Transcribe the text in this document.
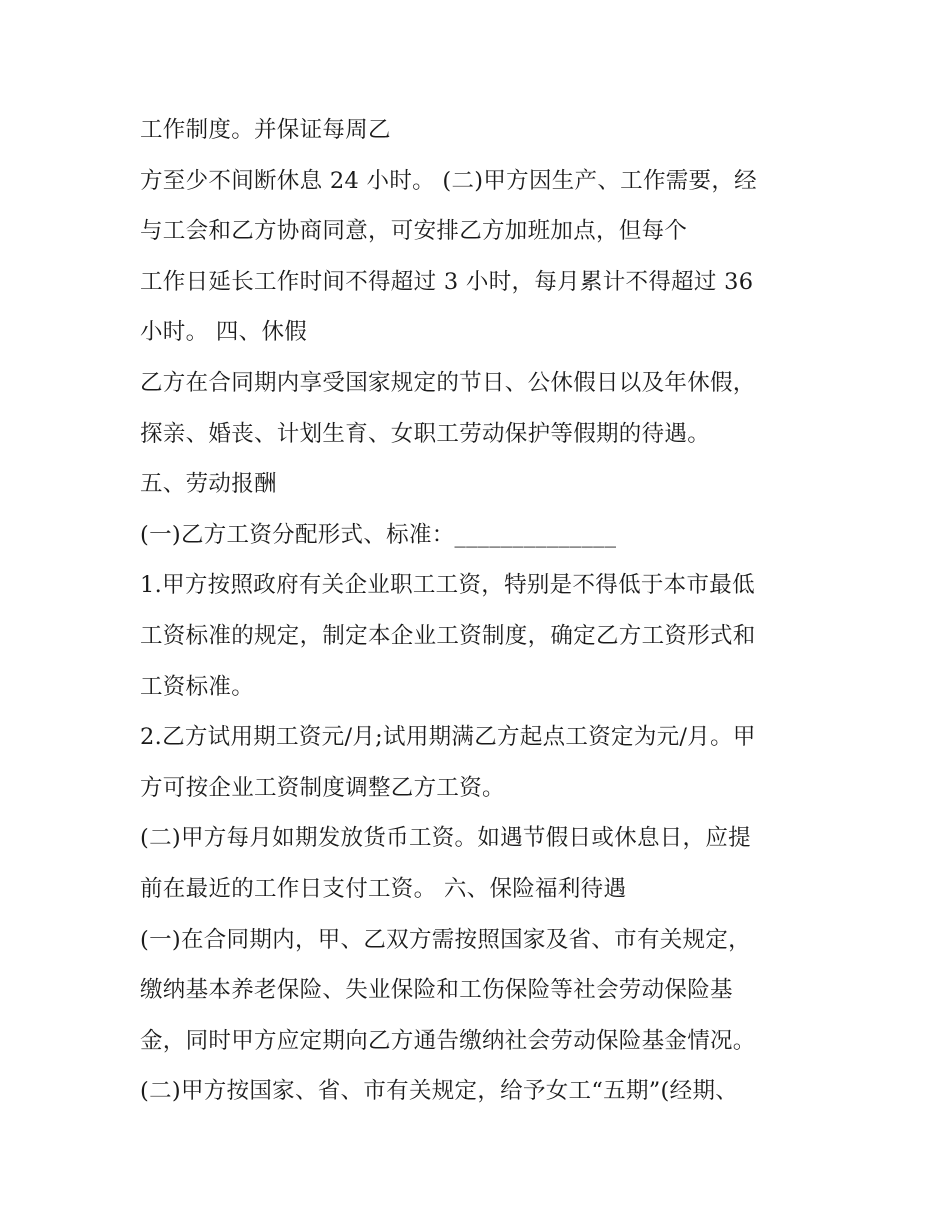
工作制度。并保证每周乙
方至少不间断休息 24 小时。 (二)甲方因生产、工作需要，经
与工会和乙方协商同意，可安排乙方加班加点，但每个
工作日延长工作时间不得超过 3 小时，每月累计不得超过 36
小时。 四、休假
乙方在合同期内享受国家规定的节日、公休假日以及年休假，
探亲、婚丧、计划生育、女职工劳动保护等假期的待遇。
五、劳动报酬
(一)乙方工资分配形式、标准：______________
1.甲方按照政府有关企业职工工资，特别是不得低于本市最低
工资标准的规定，制定本企业工资制度，确定乙方工资形式和
工资标准。
2.乙方试用期工资元/月;试用期满乙方起点工资定为元/月。甲
方可按企业工资制度调整乙方工资。
(二)甲方每月如期发放货币工资。如遇节假日或休息日，应提
前在最近的工作日支付工资。 六、保险福利待遇
(一)在合同期内，甲、乙双方需按照国家及省、市有关规定，
缴纳基本养老保险、失业保险和工伤保险等社会劳动保险基
金，同时甲方应定期向乙方通告缴纳社会劳动保险基金情况。
(二)甲方按国家、省、市有关规定，给予女工“五期”(经期、
